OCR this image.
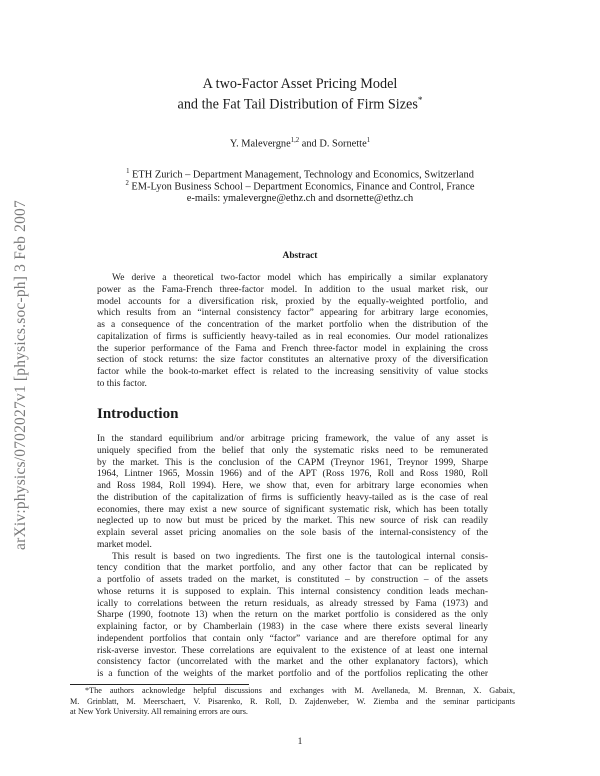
arXiv:physics/0702027v1 [physics.soc-ph] 3 Feb 2007
A two-Factor Asset Pricing Model
and the Fat Tail Distribution of Firm Sizes*
Y. Malevergne$^{1,2}$ and D. Sornette$^1$
$^1$ ETH Zurich – Department Management, Technology and Economics, Switzerland
$^2$ EM-Lyon Business School – Department Economics, Finance and Control, France
e-mails: ymalevergne@ethz.ch and dsornette@ethz.ch
Abstract
We derive a theoretical two-factor model which has empirically a similar explanatory
power as the Fama-French three-factor model. In addition to the usual market risk, our
model accounts for a diversification risk, proxied by the equally-weighted portfolio, and
which results from an “internal consistency factor” appearing for arbitrary large economies,
as a consequence of the concentration of the market portfolio when the distribution of the
capitalization of firms is sufficiently heavy-tailed as in real economies. Our model rationalizes
the superior performance of the Fama and French three-factor model in explaining the cross
section of stock returns: the size factor constitutes an alternative proxy of the diversification
factor while the book-to-market effect is related to the increasing sensitivity of value stocks
to this factor.
Introduction
In the standard equilibrium and/or arbitrage pricing framework, the value of any asset is
uniquely specified from the belief that only the systematic risks need to be remunerated
by the market. This is the conclusion of the CAPM (Treynor 1961, Treynor 1999, Sharpe
1964, Lintner 1965, Mossin 1966) and of the APT (Ross 1976, Roll and Ross 1980, Roll
and Ross 1984, Roll 1994). Here, we show that, even for arbitrary large economies when
the distribution of the capitalization of firms is sufficiently heavy-tailed as is the case of real
economies, there may exist a new source of significant systematic risk, which has been totally
neglected up to now but must be priced by the market. This new source of risk can readily
explain several asset pricing anomalies on the sole basis of the internal-consistency of the
market model.
This result is based on two ingredients. The first one is the tautological internal consis-
tency condition that the market portfolio, and any other factor that can be replicated by
a portfolio of assets traded on the market, is constituted – by construction – of the assets
whose returns it is supposed to explain. This internal consistency condition leads mechan-
ically to correlations between the return residuals, as already stressed by Fama (1973) and
Sharpe (1990, footnote 13) when the return on the market portfolio is considered as the only
explaining factor, or by Chamberlain (1983) in the case where there exists several linearly
independent portfolios that contain only “factor” variance and are therefore optimal for any
risk-averse investor. These correlations are equivalent to the existence of at least one internal
consistency factor (uncorrelated with the market and the other explanatory factors), which
is a function of the weights of the market portfolio and of the portfolios replicating the other
*The authors acknowledge helpful discussions and exchanges with M. Avellaneda, M. Brennan, X. Gabaix,
M. Grinblatt, M. Meerschaert, V. Pisarenko, R. Roll, D. Zajdenweber, W. Ziemba and the seminar participants
at New York University. All remaining errors are ours.
1
